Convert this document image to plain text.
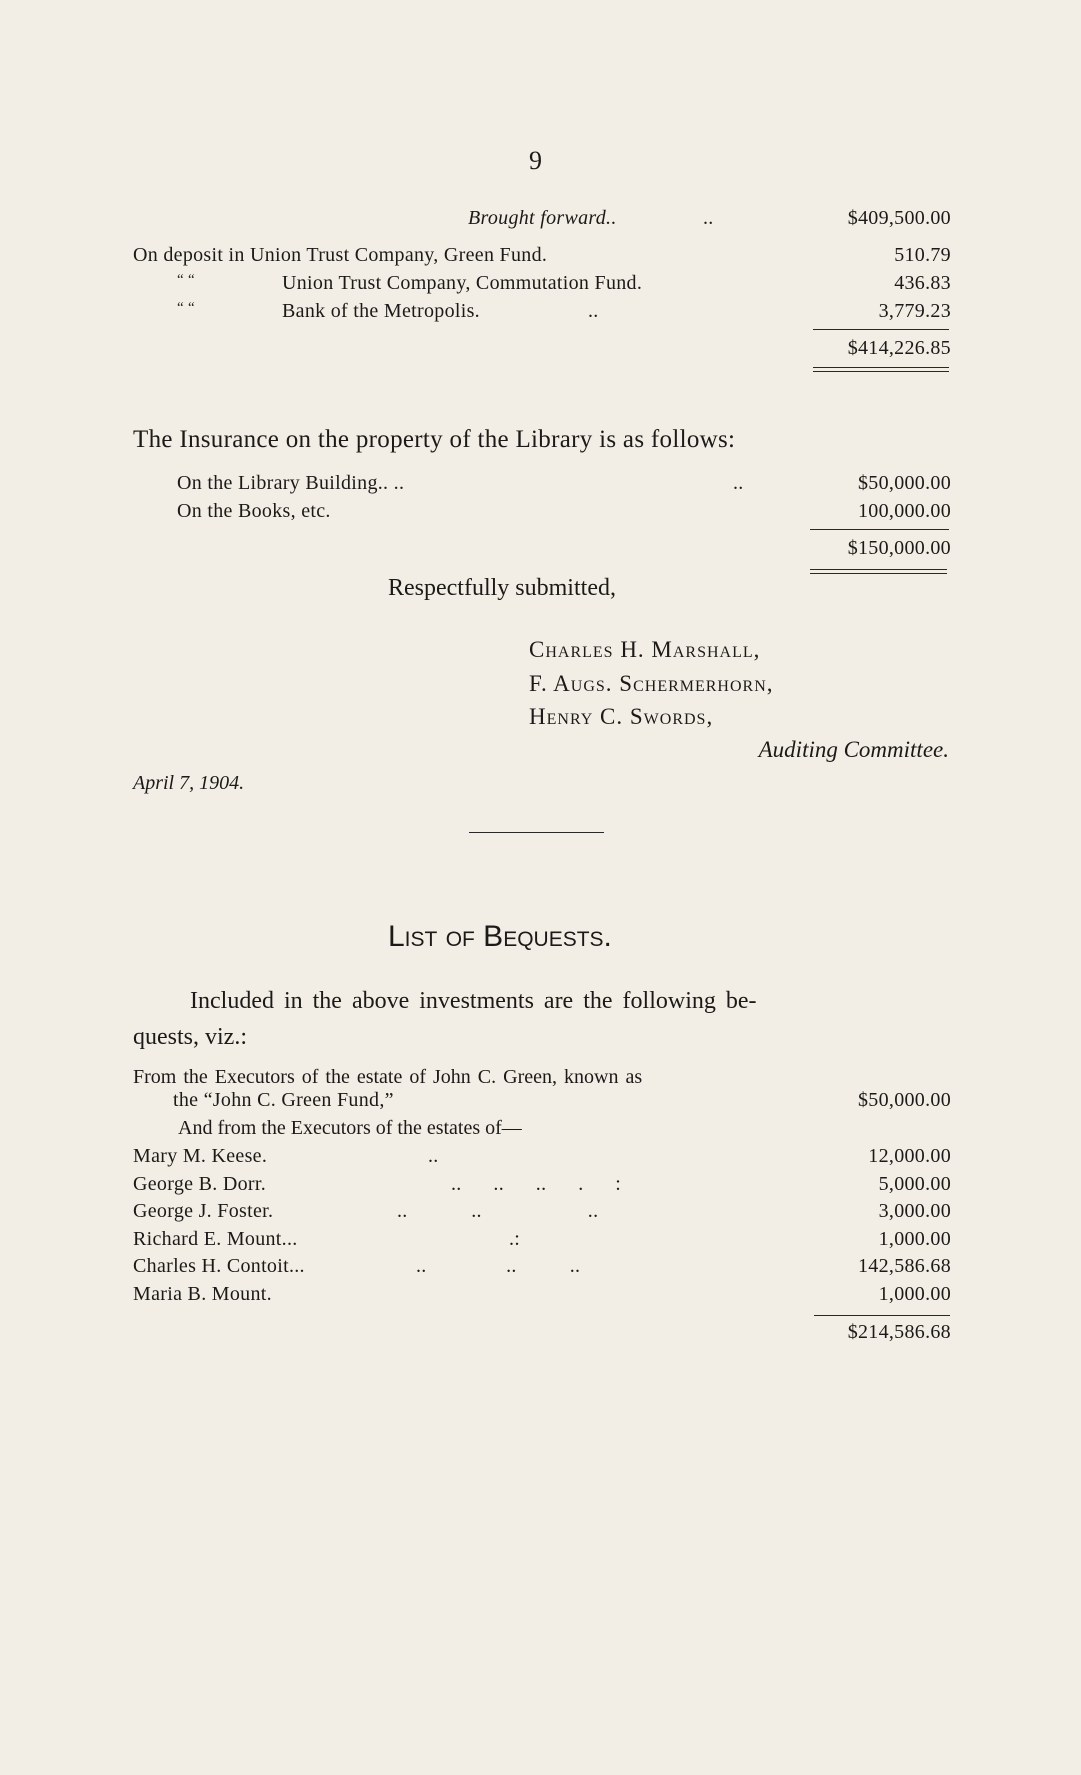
9
Brought forward..	..	$409,500.00
On deposit in Union Trust Company, Green Fund.	510.79
“ “	Union Trust Company, Commutation Fund.	436.83
“ “	Bank of the Metropolis.	..	3,779.23
$414,226.85
The Insurance on the property of the Library is as follows:
On the Library Building.. ..	..	$50,000.00
On the Books, etc.	100,000.00
$150,000.00
Respectfully submitted,
Charles H. Marshall,
F. Augs. Schermerhorn,
Henry C. Swords,
Auditing Committee.
April 7, 1904.
List of Bequests.
Included in the above investments are the following be-
quests, viz.:
From the Executors of the estate of John C. Green, known as
the “John C. Green Fund,”	$50,000.00
And from the Executors of the estates of—
Mary M. Keese.	..	12,000.00
George B. Dorr.	..      ..      ..      .      :	5,000.00
George J. Foster.	..            ..                    ..	3,000.00
Richard E. Mount...	.:	1,000.00
Charles H. Contoit...	..               ..          ..	142,586.68
Maria B. Mount.	1,000.00
$214,586.68
